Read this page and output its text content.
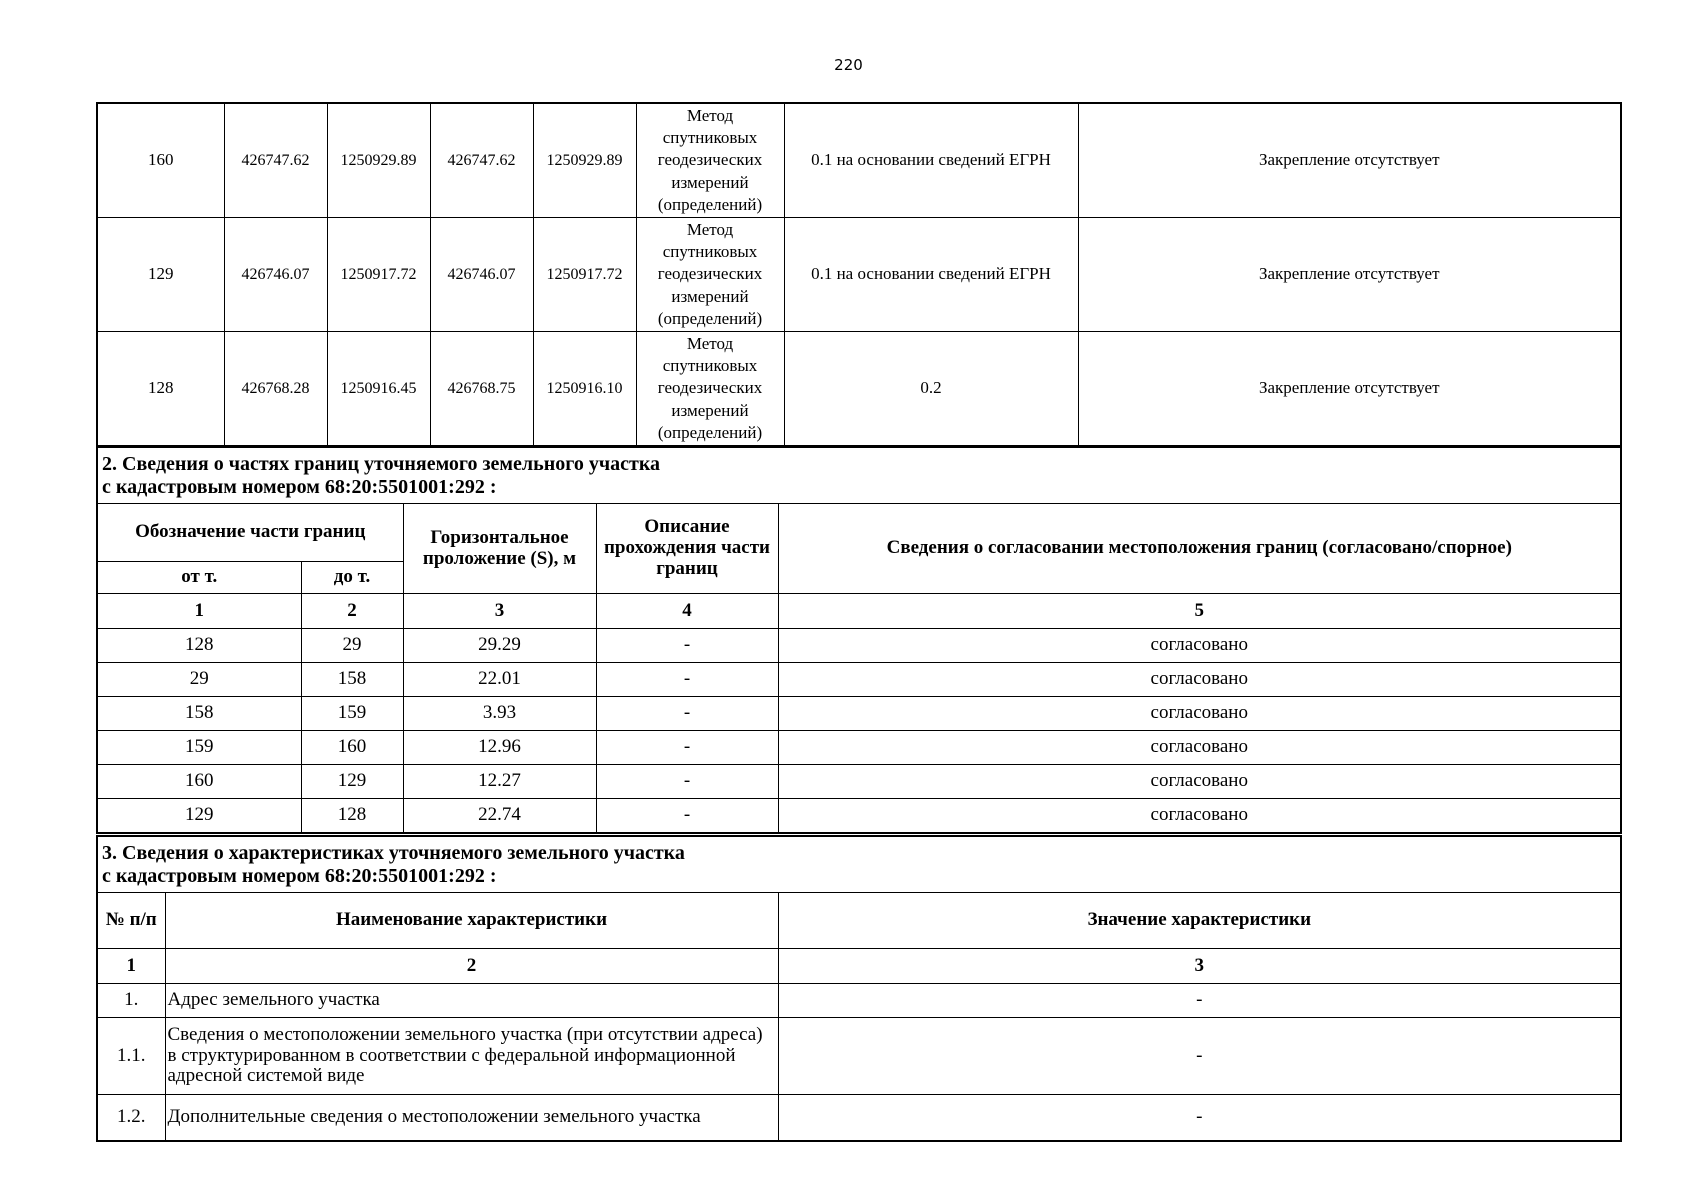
220
160	426747.62	1250929.89	426747.62	1250929.89	Метод спутниковых геодезических измерений (определений)	0.1 на основании сведений ЕГРН	Закрепление отсутствует
129	426746.07	1250917.72	426746.07	1250917.72	Метод спутниковых геодезических измерений (определений)	0.1 на основании сведений ЕГРН	Закрепление отсутствует
128	426768.28	1250916.45	426768.75	1250916.10	Метод спутниковых геодезических измерений (определений)	0.2	Закрепление отсутствует
2. Сведения о частях границ уточняемого земельного участка
с кадастровым номером 68:20:5501001:292 :				

Обозначение части границ		Горизонтальное проложение (S), м	Описание прохождения части границ	Сведения о согласовании местоположения границ (согласовано/спорное)
от т.	до т.			
1	2	3	4	5
128	29	29.29	-	согласовано
29	158	22.01	-	согласовано
158	159	3.93	-	согласовано
159	160	12.96	-	согласовано
160	129	12.27	-	согласовано
129	128	22.74	-	согласовано
3. Сведения о характеристиках уточняемого земельного участка
с кадастровым номером 68:20:5501001:292 :		

№ п/п	Наименование характеристики	Значение характеристики
1	2	3
1.	Адрес земельного участка	-
1.1.	Сведения о местоположении земельного участка (при отсутствии адреса) в структурированном в соответствии с федеральной информационной адресной системой виде	-
1.2.	Дополнительные сведения о местоположении земельного участка	-
